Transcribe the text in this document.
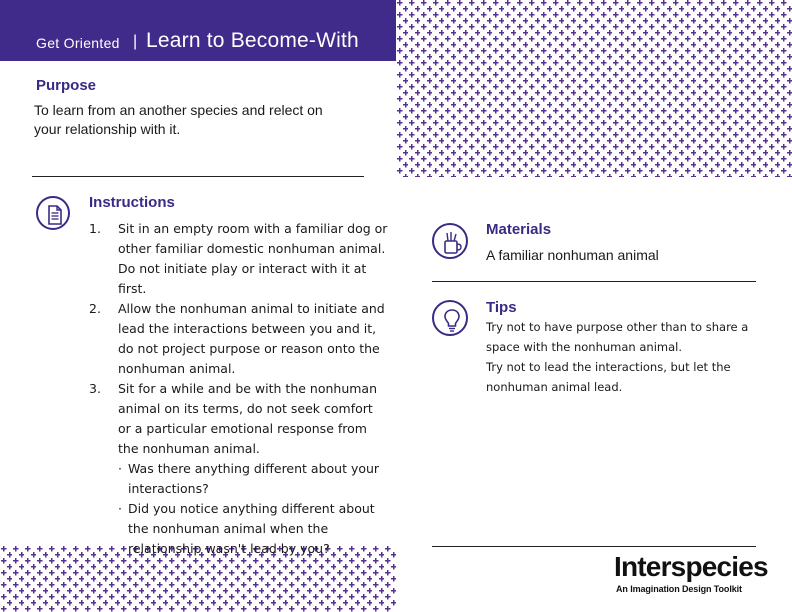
Get Oriented | Learn to Become-With
Purpose
To learn from an another species and relect on your relationship with it.
Instructions
1. Sit in an empty room with a familiar dog or other familiar domestic nonhuman animal. Do not initiate play or interact with it at first.
2. Allow the nonhuman animal to initiate and lead the interactions between you and it, do not project purpose or reason onto the nonhuman animal.
3. Sit for a while and be with the nonhuman animal on its terms, do not seek comfort or a particular emotional response from the nonhuman animal.
· Was there anything different about your interactions?
· Did you notice anything different about the nonhuman animal when the relationship wasn't lead by you?
Materials
A familiar nonhuman animal
Tips
Try not to have purpose other than to share a space with the nonhuman animal.
Try not to lead the interactions, but let the nonhuman animal lead.
Interspecies
An Imagination Design Toolkit
